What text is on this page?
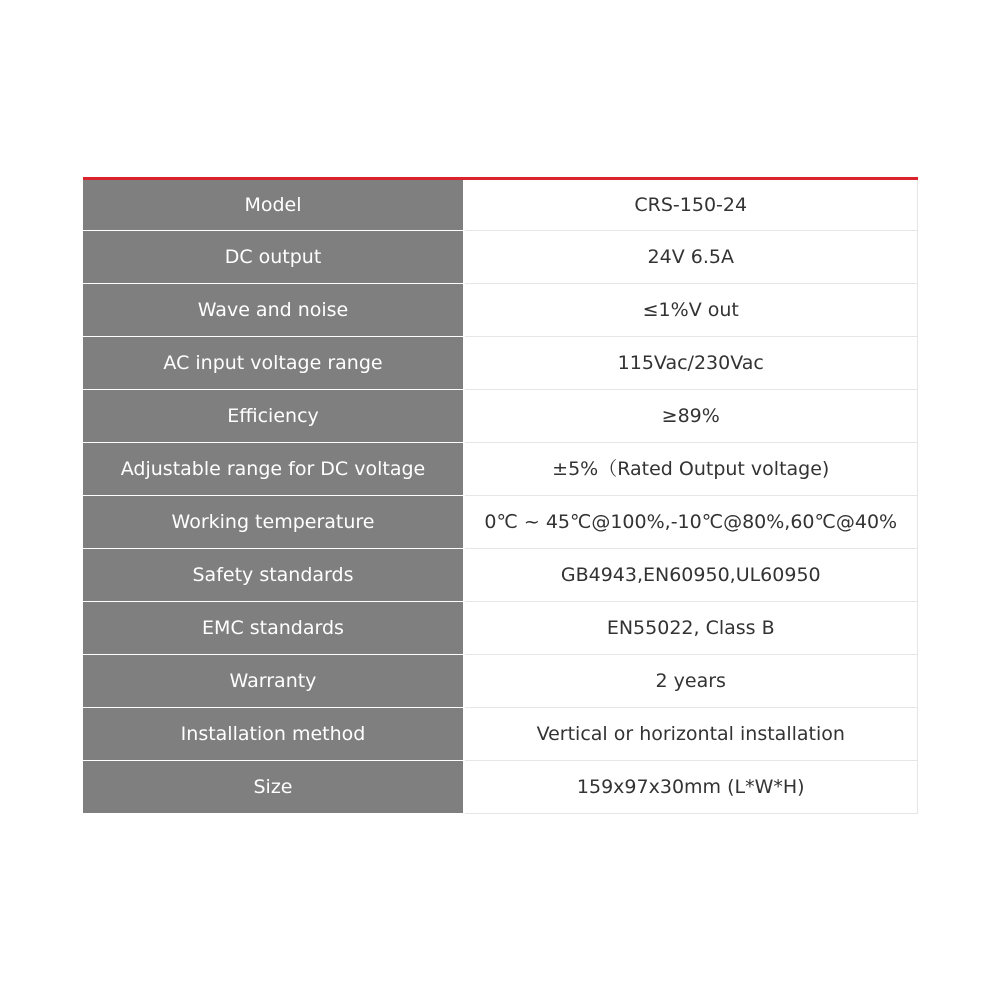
Model	CRS-150-24
DC output	24V 6.5A
Wave and noise	≤1%V out
AC input voltage range	115Vac/230Vac
Efficiency	≥89%
Adjustable range for DC voltage	±5%（Rated Output voltage)
Working temperature	0℃ ~ 45℃@100%,-10℃@80%,60℃@40%
Safety standards	GB4943,EN60950,UL60950
EMC standards	EN55022, Class B
Warranty	2 years
Installation method	Vertical or horizontal installation
Size	159x97x30mm (L*W*H)
